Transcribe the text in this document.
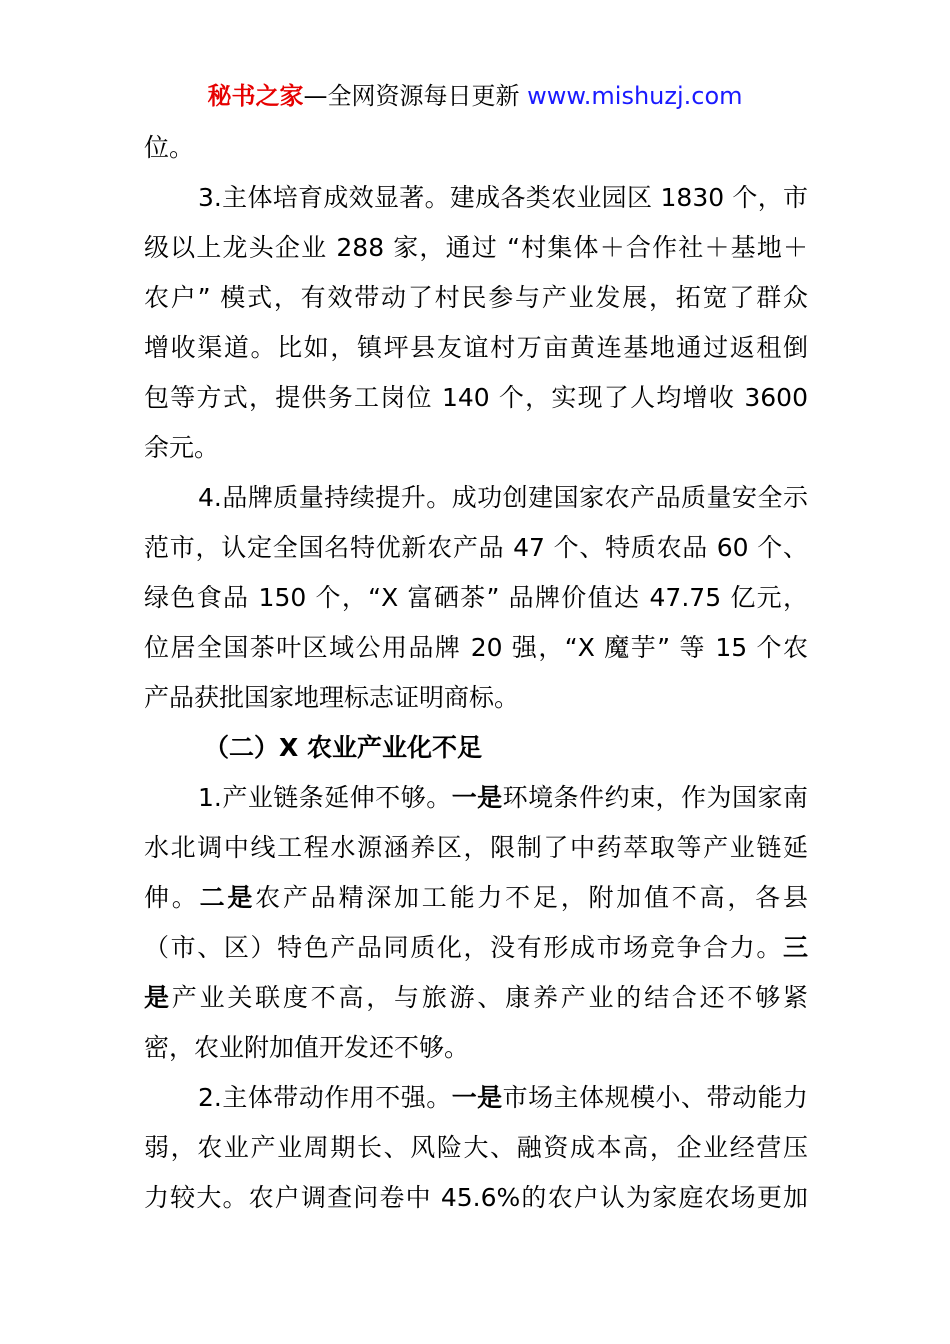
秘书之家—全网资源每日更新 www.mishuzj.com
位。
3.主体培育成效显著。建成各类农业园区 1830 个，市
级以上龙头企业 288 家，通过 “村集体＋合作社＋基地＋
农户” 模式，有效带动了村民参与产业发展，拓宽了群众
增收渠道。比如，镇坪县友谊村万亩黄连基地通过返租倒
包等方式，提供务工岗位 140 个，实现了人均增收 3600
余元。
4.品牌质量持续提升。成功创建国家农产品质量安全示
范市，认定全国名特优新农产品 47 个、特质农品 60 个、
绿色食品 150 个，“X 富硒茶” 品牌价值达 47.75 亿元，
位居全国茶叶区域公用品牌 20 强，“X 魔芋” 等 15 个农
产品获批国家地理标志证明商标。
（二）X 农业产业化不足
1.产业链条延伸不够。一是环境条件约束，作为国家南
水北调中线工程水源涵养区，限制了中药萃取等产业链延
伸。二是农产品精深加工能力不足，附加值不高，各县
（市、区）特色产品同质化，没有形成市场竞争合力。三
是产业关联度不高，与旅游、康养产业的结合还不够紧
密，农业附加值开发还不够。
2.主体带动作用不强。一是市场主体规模小、带动能力
弱，农业产业周期长、风险大、融资成本高，企业经营压
力较大。农户调查问卷中 45.6%的农户认为家庭农场更加
